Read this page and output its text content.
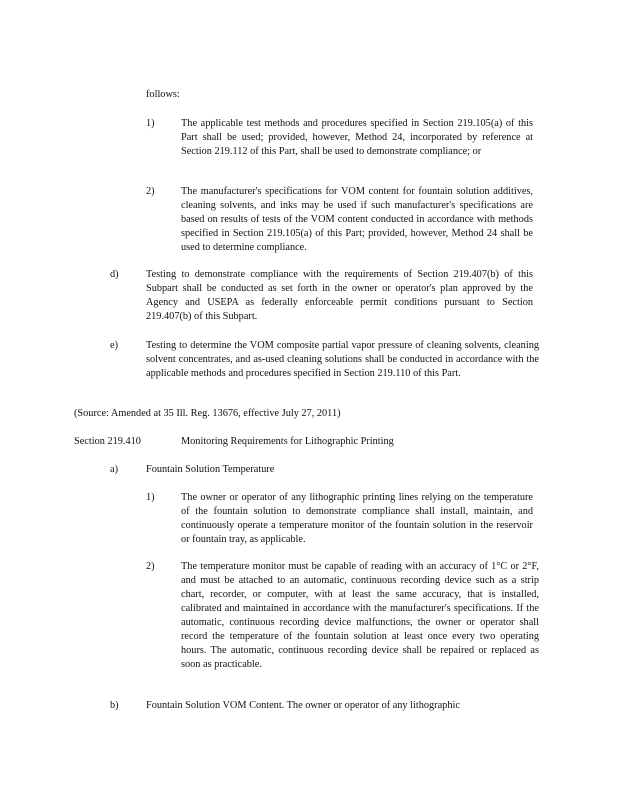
follows:

1)	The applicable test methods and procedures specified in Section 219.105(a) of this Part shall be used; provided, however, Method 24, incorporated by reference at Section 219.112 of this Part, shall be used to demonstrate compliance; or

2)	The manufacturer's specifications for VOM content for fountain solution additives, cleaning solvents, and inks may be used if such manufacturer's specifications are based on results of tests of the VOM content conducted in accordance with methods specified in Section 219.105(a) of this Part; provided, however, Method 24 shall be used to determine compliance.

d)	Testing to demonstrate compliance with the requirements of Section 219.407(b) of this Subpart shall be conducted as set forth in the owner or operator's plan approved by the Agency and USEPA as federally enforceable permit conditions pursuant to Section 219.407(b) of this Subpart.

e)	Testing to determine the VOM composite partial vapor pressure of cleaning solvents, cleaning solvent concentrates, and as-used cleaning solutions shall be conducted in accordance with the applicable methods and procedures specified in Section 219.110 of this Part.

(Source: Amended at 35 Ill. Reg. 13676, effective July 27, 2011)

Section 219.410	Monitoring Requirements for Lithographic Printing
a)	Fountain Solution Temperature
1)	The owner or operator of any lithographic printing lines relying on the temperature of the fountain solution to demonstrate compliance shall install, maintain, and continuously operate a temperature monitor of the fountain solution in the reservoir or fountain tray, as applicable.

2)	The temperature monitor must be capable of reading with an accuracy of 1°C or 2°F, and must be attached to an automatic, continuous recording device such as a strip chart, recorder, or computer, with at least the same accuracy, that is installed, calibrated and maintained in accordance with the manufacturer's specifications. If the automatic, continuous recording device malfunctions, the owner or operator shall record the temperature of the fountain solution at least once every two operating hours. The automatic, continuous recording device shall be repaired or replaced as soon as practicable.

b)	Fountain Solution VOM Content. The owner or operator of any lithographic
